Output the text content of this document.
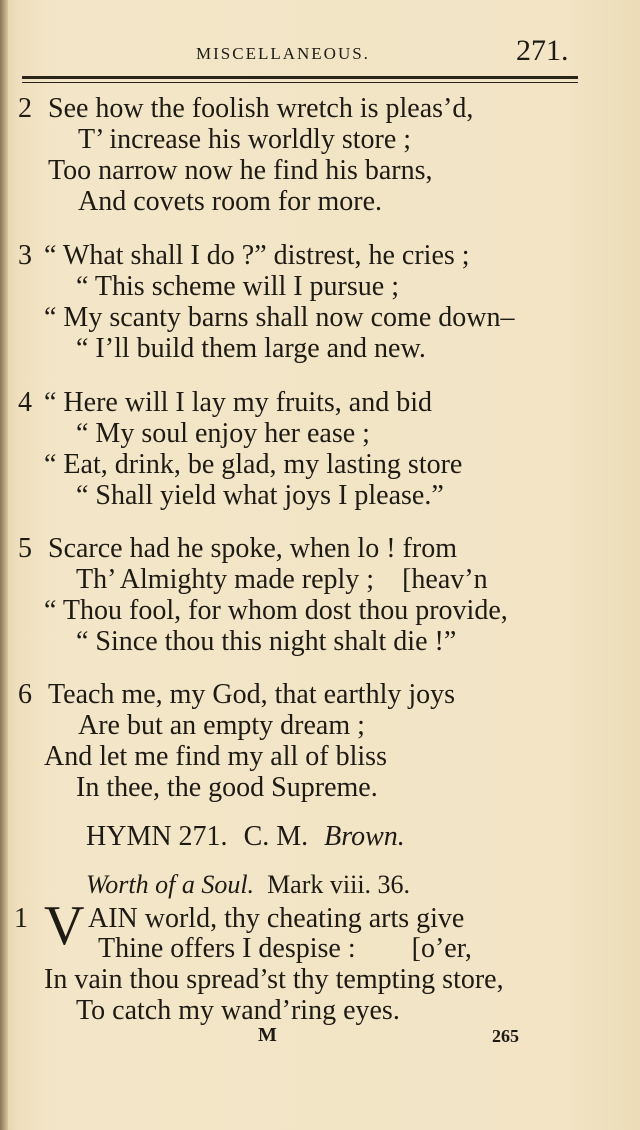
MISCELLANEOUS.	271.
2 See how the foolish wretch is pleas’d,
T’ increase his worldly store ;
Too narrow now he find his barns,
And covets room for more.
3 “ What shall I do ?” distrest, he cries ;
“ This scheme will I pursue ;
“ My scanty barns shall now come down–
“ I’ll build them large and new.
4 “ Here will I lay my fruits, and bid
“ My soul enjoy her ease ;
“ Eat, drink, be glad, my lasting store
“ Shall yield what joys I please.”
5 Scarce had he spoke, when lo ! from
Th’ Almighty made reply ;    [heav’n
“ Thou fool, for whom dost thou provide,
“ Since thou this night shalt die !”
6 Teach me, my God, that earthly joys
Are but an empty dream ;
And let me find my all of bliss
In thee, the good Supreme.
HYMN 271. C. M. Brown.
Worth of a Soul. Mark viii. 36.
1 V AIN world, thy cheating arts give
Thine offers I despise :        [o’er,
In vain thou spread’st thy tempting store,
To catch my wand’ring eyes.
M	265
